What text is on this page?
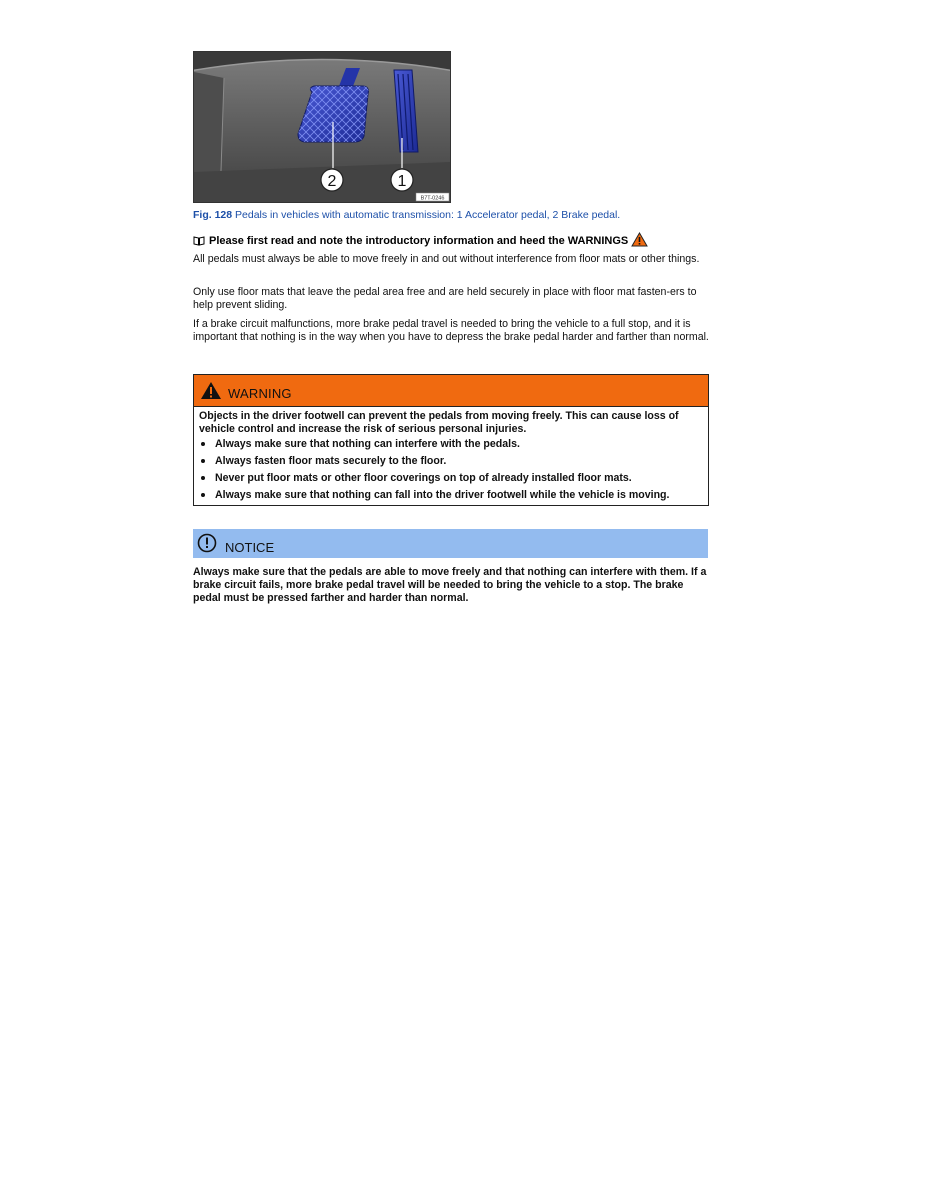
2	1
B7T-0246
Fig. 128 Pedals in vehicles with automatic transmission: 1 Accelerator pedal, 2 Brake pedal.
Please first read and note the introductory information and heed the WARNINGS

All pedals must always be able to move freely in and out without interference from floor mats or other things.

Only use floor mats that leave the pedal area free and are held securely in place with floor mat fasten-ers to help prevent sliding.

If a brake circuit malfunctions, more brake pedal travel is needed to bring the vehicle to a full stop, and it is important that nothing is in the way when you have to depress the brake pedal harder and farther than normal.

WARNING

Objects in the driver footwell can prevent the pedals from moving freely. This can cause loss of vehicle control and increase the risk of serious personal injuries.

Always make sure that nothing can interfere with the pedals.
Always fasten floor mats securely to the floor.
Never put floor mats or other floor coverings on top of already installed floor mats.
Always make sure that nothing can fall into the driver footwell while the vehicle is moving.
NOTICE

Always make sure that the pedals are able to move freely and that nothing can interfere with them. If a brake circuit fails, more brake pedal travel will be needed to bring the vehicle to a stop. The brake pedal must be pressed farther and harder than normal.
